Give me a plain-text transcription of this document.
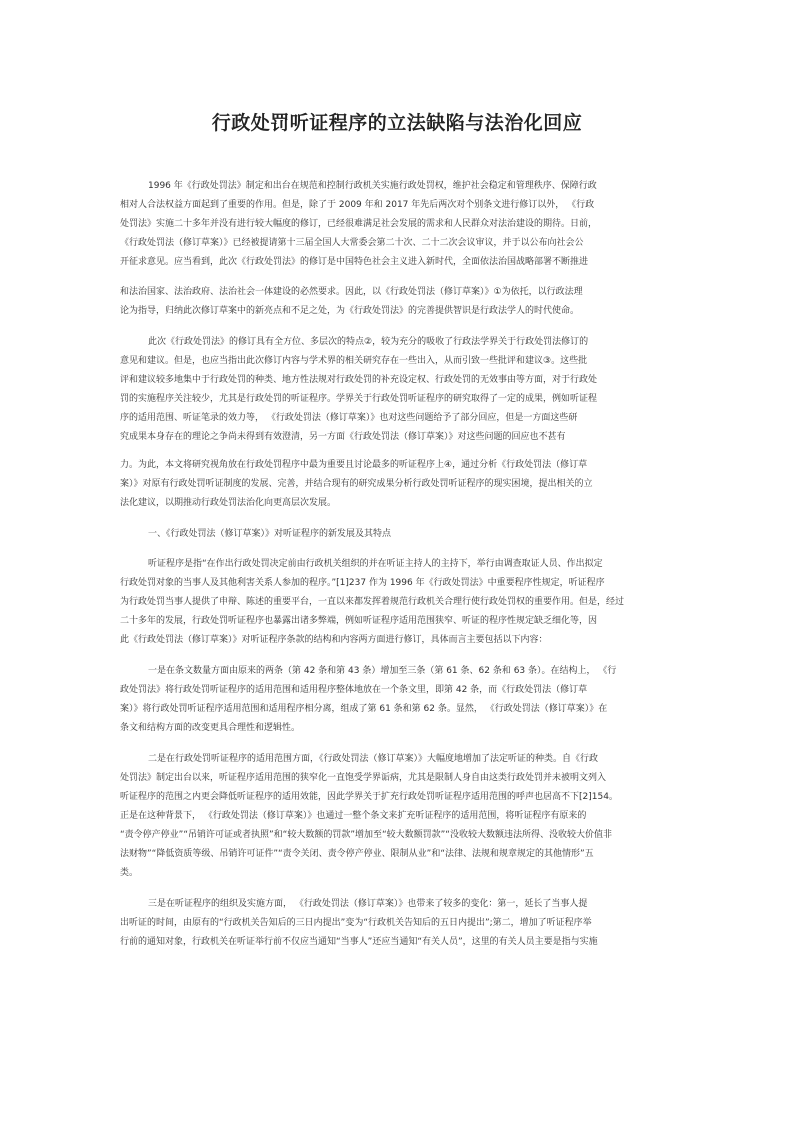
行政处罚听证程序的立法缺陷与法治化回应
1996 年《行政处罚法》制定和出台在规范和控制行政机关实施行政处罚权，维护社会稳定和管理秩序、保障行政
相对人合法权益方面起到了重要的作用。但是，除了于 2009 年和 2017 年先后两次对个别条文进行修订以外， 《行政
处罚法》实施二十多年并没有进行较大幅度的修订，已经很难满足社会发展的需求和人民群众对法治建设的期待。日前，
《行政处罚法（修订草案）》已经被提请第十三届全国人大常委会第二十次、二十二次会议审议，并于以公布向社会公
开征求意见。应当看到，此次《行政处罚法》的修订是中国特色社会主义进入新时代，全面依法治国战略部署不断推进
和法治国家、法治政府、法治社会一体建设的必然要求。因此，以《行政处罚法（修订草案）》①为依托，以行政法理
论为指导，归纳此次修订草案中的新亮点和不足之处，为《行政处罚法》的完善提供智识是行政法学人的时代使命。
此次《行政处罚法》的修订具有全方位、多层次的特点②，较为充分的吸收了行政法学界关于行政处罚法修订的
意见和建议。但是，也应当指出此次修订内容与学术界的相关研究存在一些出入，从而引致一些批评和建议③。这些批
评和建议较多地集中于行政处罚的种类、地方性法规对行政处罚的补充设定权、行政处罚的无效事由等方面，对于行政处
罚的实施程序关注较少，尤其是行政处罚的听证程序。学界关于行政处罚听证程序的研究取得了一定的成果，例如听证程
序的适用范围、听证笔录的效力等， 《行政处罚法（修订草案）》也对这些问题给予了部分回应，但是一方面这些研
究成果本身存在的理论之争尚未得到有效澄清，另一方面《行政处罚法（修订草案）》对这些问题的回应也不甚有
力。为此，本文将研究视角放在行政处罚程序中最为重要且讨论最多的听证程序上④，通过分析《行政处罚法（修订草
案）》对原有行政处罚听证制度的发展、完善，并结合现有的研究成果分析行政处罚听证程序的现实困境，提出相关的立
法化建议，以期推动行政处罚法治化向更高层次发展。
一、《行政处罚法（修订草案）》对听证程序的新发展及其特点
听证程序是指“在作出行政处罚决定前由行政机关组织的并在听证主持人的主持下，举行由调查取证人员、作出拟定
行政处罚对象的当事人及其他利害关系人参加的程序。”[1]237 作为 1996 年《行政处罚法》中重要程序性规定，听证程序
为行政处罚当事人提供了申辩、陈述的重要平台，一直以来都发挥着规范行政机关合理行使行政处罚权的重要作用。但是，经过
二十多年的发展，行政处罚听证程序也暴露出诸多弊端，例如听证程序适用范围狭窄、听证的程序性规定缺乏细化等，因
此《行政处罚法（修订草案）》对听证程序条款的结构和内容两方面进行修订，具体而言主要包括以下内容：
一是在条文数量方面由原来的两条（第 42 条和第 43 条）增加至三条（第 61 条、62 条和 63 条）。在结构上， 《行
政处罚法》将行政处罚听证程序的适用范围和适用程序整体地放在一个条文里，即第 42 条，而《行政处罚法（修订草
案）》将行政处罚听证程序适用范围和适用程序相分离，组成了第 61 条和第 62 条。显然， 《行政处罚法（修订草案）》在
条文和结构方面的改变更具合理性和逻辑性。
二是在行政处罚听证程序的适用范围方面，《行政处罚法（修订草案）》大幅度地增加了法定听证的种类。自《行政
处罚法》制定出台以来，听证程序适用范围的狭窄化一直饱受学界诟病，尤其是限制人身自由这类行政处罚并未被明文列入
听证程序的范围之内更会降低听证程序的适用效能，因此学界关于扩充行政处罚听证程序适用范围的呼声也居高不下[2]154。
正是在这种背景下， 《行政处罚法（修订草案）》也通过一整个条文来扩充听证程序的适用范围，将听证程序有原来的
“责令停产停业”“吊销许可证或者执照”和“较大数额的罚款”增加至“较大数额罚款”“没收较大数额违法所得、没收较大价值非
法财物”“降低资质等级、吊销许可证件”“责令关闭、责令停产停业、限制从业”和“法律、法规和规章规定的其他情形”五
类。
三是在听证程序的组织及实施方面， 《行政处罚法（修订草案）》也带来了较多的变化：第一，延长了当事人提
出听证的时间，由原有的“行政机关告知后的三日内提出”变为“行政机关告知后的五日内提出”;第二，增加了听证程序举
行前的通知对象，行政机关在听证举行前不仅应当通知“当事人”还应当通知“有关人员”，这里的有关人员主要是指与实施
